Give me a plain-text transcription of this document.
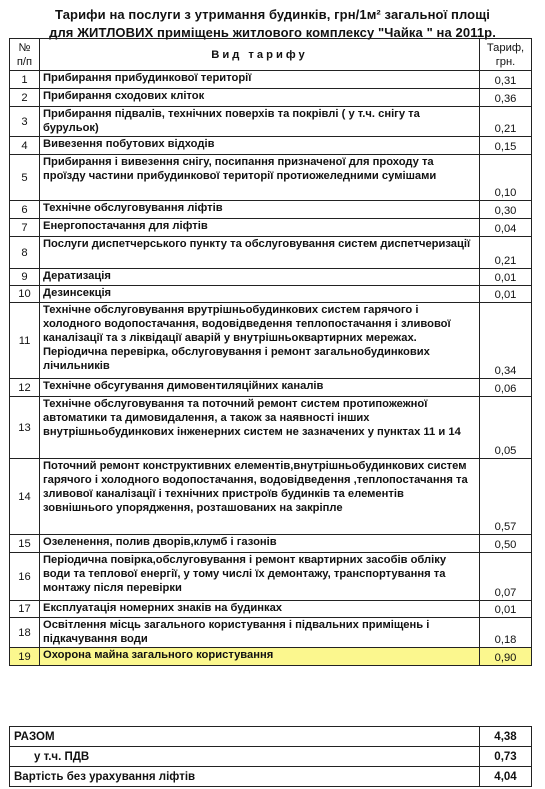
Тарифи на послуги з утримання будинків, грн/1м² загальної площі
для ЖИТЛОВИХ приміщень житлового комплексу "Чайка " на 2011р.
№ п/п	Вид тарифу	Тариф, грн.
1	Прибирання прибудинкової території	0,31
2	Прибирання сходових кліток	0,36
3	Прибирання підвалів, технічних поверхів та покрівлі ( у т.ч. снігу та бурульок)	0,21
4	Вивезення побутових відходів	0,15
5	Прибирання і вивезення снігу, посипання призначеної для проходу та проїзду частини прибудинкової території протиожеледними сумішами	0,10
6	Технічне обслуговування ліфтів	0,30
7	Енергопостачання для ліфтів	0,04
8	Послуги диспетчерського пункту та обслуговування систем диспетчеризації	0,21
9	Дератизація	0,01
10	Дезинсекція	0,01
11	Технічне обслуговування врутрішньобудинкових систем гарячого і холодного водопостачання, водовідведення теплопостачання і зливової каналізації та з ліквідації аварій у внутрішньоквартирних мережах. Періодична перевірка, обслуговування і ремонт загальнобудинкових лічильників	0,34
12	Технічне обсугування димовентиляційних каналів	0,06
13	Технічне обслуговування та поточний ремонт систем протипожежної автоматики та димовидалення, а також за наявності інших внутрішньобудинкових інженерних систем не зазначених у пунктах 11 и 14	0,05
14	Поточний ремонт конструктивних елементів,внутрішньобудинкових систем гарячого і холодного водопостачання, водовідведення ,теплопостачання та зливової каналізації і технічних пристроїв будинків та елементів зовнішнього упорядження, розташованих на закріпле	0,57
15	Озеленення, полив дворів,клумб і газонів	0,50
16	Періодична повірка,обслуговування і ремонт квартирних засобів обліку води та теплової енергії, у тому числі їх демонтажу, транспортування та монтажу після перевірки	0,07
17	Експлуатація номерних знаків на будинках	0,01
18	Освітлення місць загального користування і підвальних приміщень і підкачування води	0,18
19	Охорона майна загального користування	0,90
РАЗОМ	4,38
у т.ч. ПДВ	0,73
Вартість без урахування ліфтів	4,04
